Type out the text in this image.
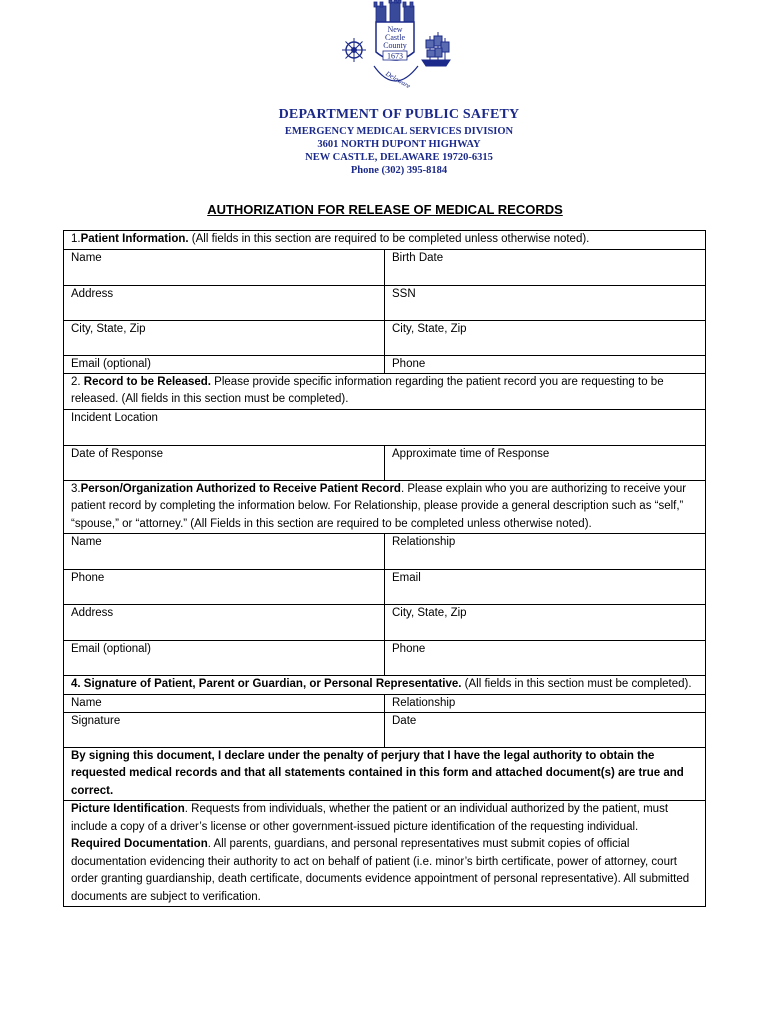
New
Castle
County
1673
Delaware
DEPARTMENT OF PUBLIC SAFETY
EMERGENCY MEDICAL SERVICES DIVISION
3601 NORTH DUPONT HIGHWAY
NEW CASTLE, DELAWARE 19720-6315
Phone (302) 395-8184
AUTHORIZATION FOR RELEASE OF MEDICAL RECORDS
1.Patient Information. (All fields in this section are required to be completed unless otherwise noted).
Name	Birth Date
Address	SSN
City, State, Zip	City, State, Zip
Email (optional)	Phone
2. Record to be Released. Please provide specific information regarding the patient record you are requesting to be released. (All fields in this section must be completed).
Incident Location
Date of Response	Approximate time of Response
3.Person/Organization Authorized to Receive Patient Record. Please explain who you are authorizing to receive your patient record by completing the information below. For Relationship, please provide a general description such as “self,” “spouse,” or “attorney.” (All Fields in this section are required to be completed unless otherwise noted).
Name	Relationship
Phone	Email
Address	City, State, Zip
Email (optional)	Phone
4. Signature of Patient, Parent or Guardian, or Personal Representative. (All fields in this section must be completed).
Name	Relationship
Signature	Date
By signing this document, I declare under the penalty of perjury that I have the legal authority to obtain the requested medical records and that all statements contained in this form and attached document(s) are true and correct.
Picture Identification. Requests from individuals, whether the patient or an individual authorized by the patient, must include a copy of a driver’s license or other government-issued picture identification of the requesting individual.
Required Documentation. All parents, guardians, and personal representatives must submit copies of official documentation evidencing their authority to act on behalf of patient (i.e. minor’s birth certificate, power of attorney, court order granting guardianship, death certificate, documents evidence appointment of personal representative). All submitted documents are subject to verification.
